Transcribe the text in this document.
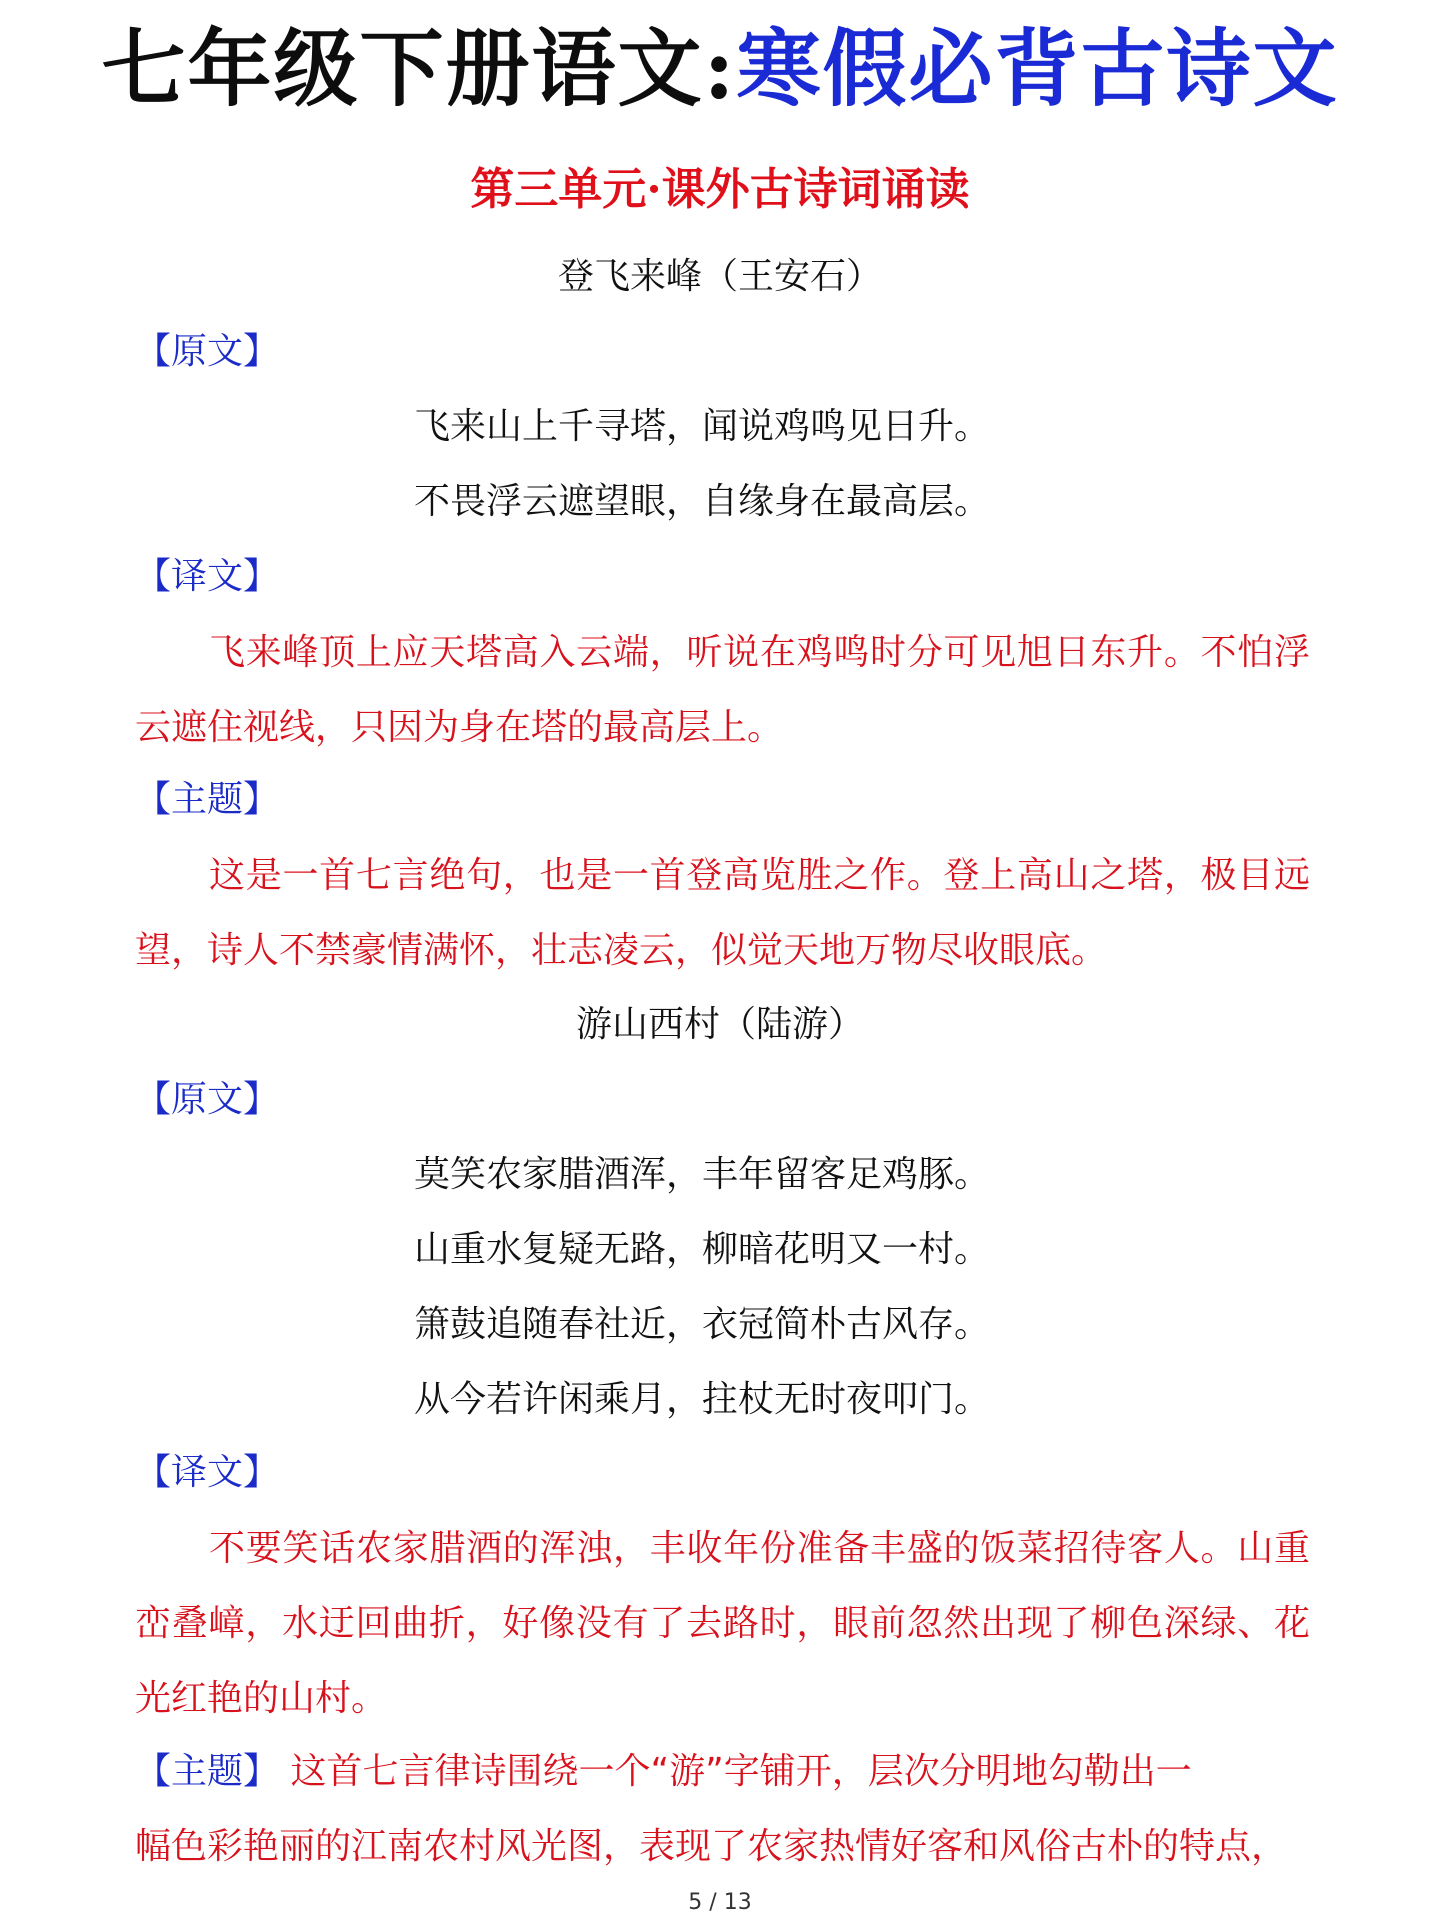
七年级下册语文:寒假必背古诗文
第三单元·课外古诗词诵读
登飞来峰（王安石）
【原文】
飞来山上千寻塔，闻说鸡鸣见日升。
不畏浮云遮望眼，自缘身在最高层。
【译文】
飞来峰顶上应天塔高入云端，听说在鸡鸣时分可见旭日东升。不怕浮云遮住视线，只因为身在塔的最高层上。
【主题】
这是一首七言绝句，也是一首登高览胜之作。登上高山之塔，极目远望，诗人不禁豪情满怀，壮志凌云，似觉天地万物尽收眼底。
游山西村（陆游）
【原文】
莫笑农家腊酒浑，丰年留客足鸡豚。
山重水复疑无路，柳暗花明又一村。
箫鼓追随春社近，衣冠简朴古风存。
从今若许闲乘月，拄杖无时夜叩门。
【译文】
不要笑话农家腊酒的浑浊，丰收年份准备丰盛的饭菜招待客人。山重峦叠嶂，水迂回曲折，好像没有了去路时，眼前忽然出现了柳色深绿、花光红艳的山村。
【主题】 这首七言律诗围绕一个“游”字铺开，层次分明地勾勒出一
幅色彩艳丽的江南农村风光图，表现了农家热情好客和风俗古朴的特点，
5 / 13
